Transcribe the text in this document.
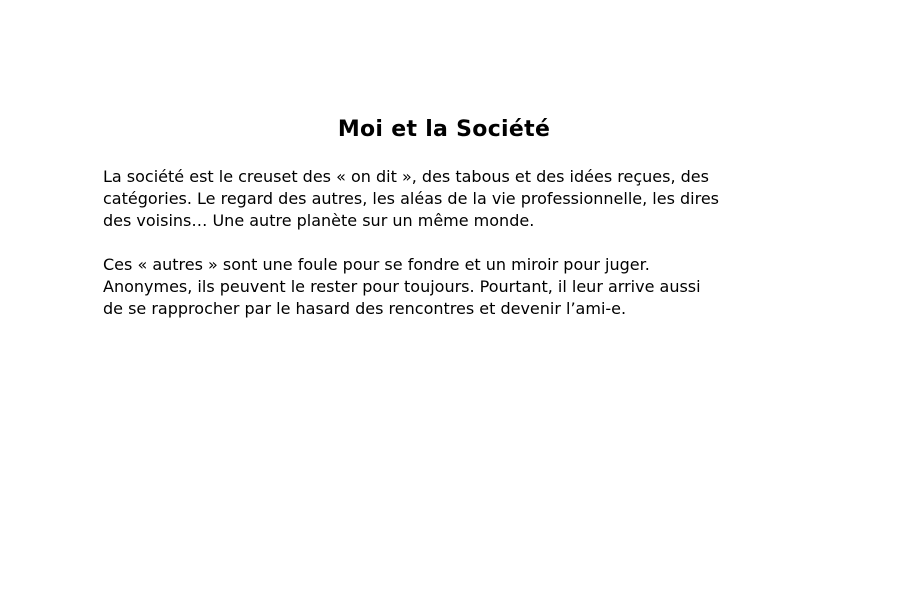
Moi et la Société

La société est le creuset des « on dit », des tabous et des idées reçues, des
catégories. Le regard des autres, les aléas de la vie professionnelle, les dires
des voisins… Une autre planète sur un même monde.

Ces « autres » sont une foule pour se fondre et un miroir pour juger.
Anonymes, ils peuvent le rester pour toujours. Pourtant, il leur arrive aussi
de se rapprocher par le hasard des rencontres et devenir l’ami-e.
